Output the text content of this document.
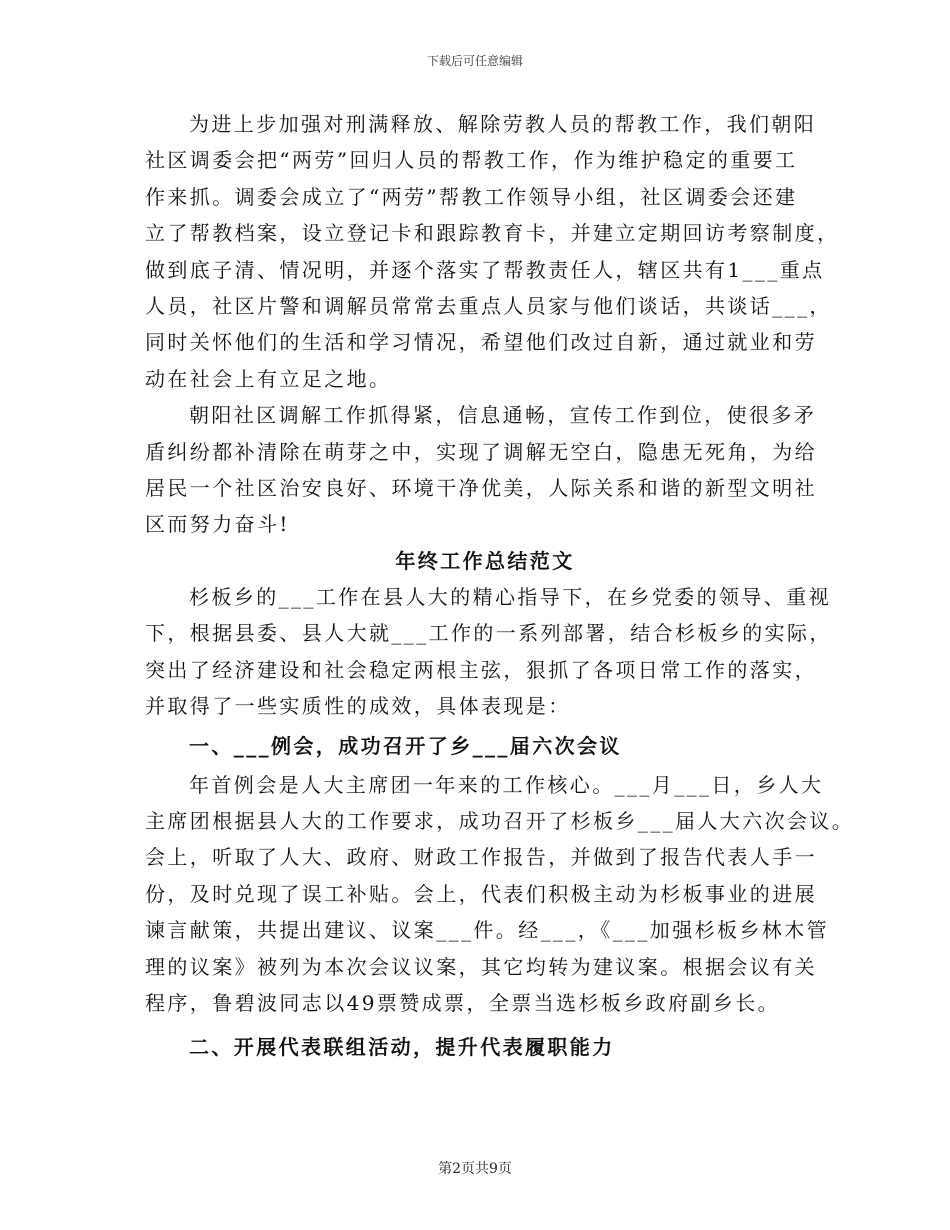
下载后可任意编辑
为进上步加强对刑满释放、解除劳教人员的帮教工作，我们朝阳
社区调委会把“两劳”回归人员的帮教工作，作为维护稳定的重要工
作来抓。调委会成立了“两劳”帮教工作领导小组，社区调委会还建
立了帮教档案，设立登记卡和跟踪教育卡，并建立定期回访考察制度，
做到底子清、情况明，并逐个落实了帮教责任人，辖区共有1___重点
人员，社区片警和调解员常常去重点人员家与他们谈话，共谈话___，
同时关怀他们的生活和学习情况，希望他们改过自新，通过就业和劳
动在社会上有立足之地。
朝阳社区调解工作抓得紧，信息通畅，宣传工作到位，使很多矛
盾纠纷都补清除在萌芽之中，实现了调解无空白，隐患无死角，为给
居民一个社区治安良好、环境干净优美，人际关系和谐的新型文明社
区而努力奋斗!
年终工作总结范文
杉板乡的___工作在县人大的精心指导下，在乡党委的领导、重视
下，根据县委、县人大就___工作的一系列部署，结合杉板乡的实际，
突出了经济建设和社会稳定两根主弦，狠抓了各项日常工作的落实，
并取得了一些实质性的成效，具体表现是：
一、___例会，成功召开了乡___届六次会议
年首例会是人大主席团一年来的工作核心。___月___日，乡人大
主席团根据县人大的工作要求，成功召开了杉板乡___届人大六次会议。
会上，听取了人大、政府、财政工作报告，并做到了报告代表人手一
份，及时兑现了误工补贴。会上，代表们积极主动为杉板事业的进展
谏言献策，共提出建议、议案___件。经___，《___加强杉板乡林木管
理的议案》被列为本次会议议案，其它均转为建议案。根据会议有关
程序，鲁碧波同志以49票赞成票，全票当选杉板乡政府副乡长。
二、开展代表联组活动，提升代表履职能力
第2页共9页
